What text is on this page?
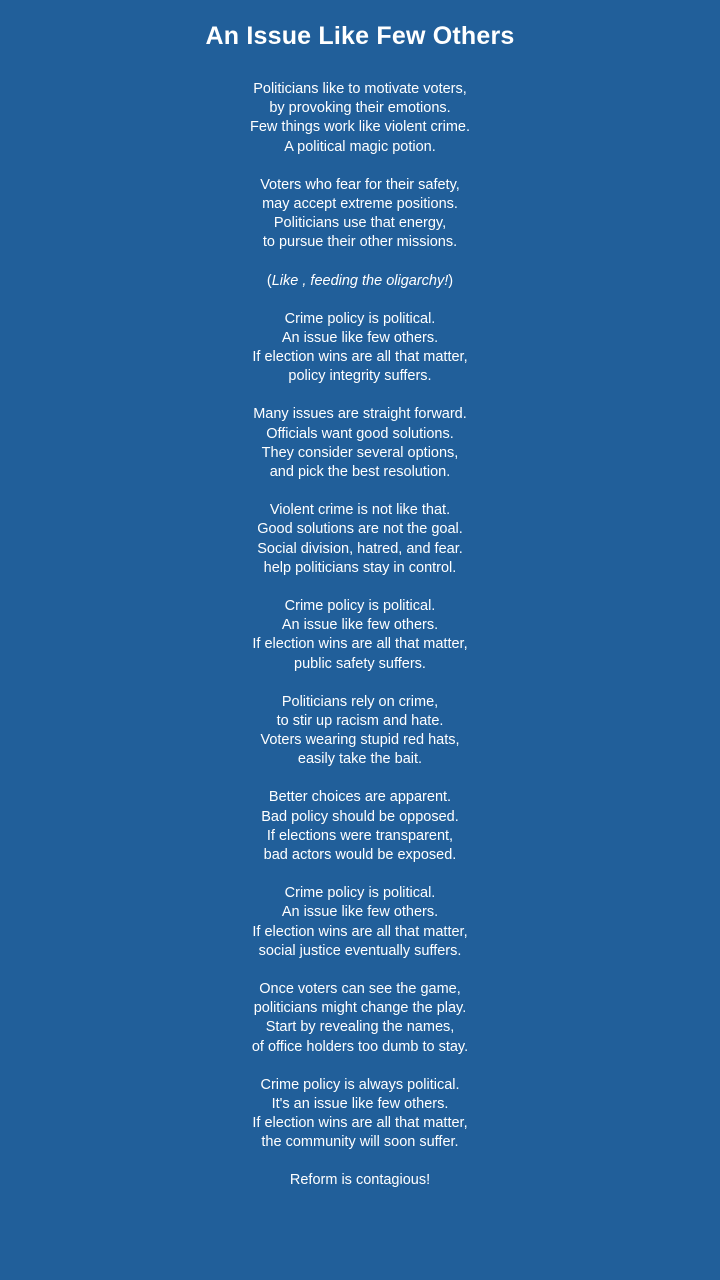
An Issue Like Few Others
Politicians like to motivate voters,
by provoking their emotions.
Few things work like violent crime.
A political magic potion.
Voters who fear for their safety,
may accept extreme positions.
Politicians use that energy,
to pursue their other missions.
(Like , feeding the oligarchy!)
Crime policy is political.
An issue like few others.
If election wins are all that matter,
policy integrity suffers.
Many issues are straight forward.
Officials want good solutions.
They consider several options,
and pick the best resolution.
Violent crime is not like that.
Good solutions are not the goal.
Social division, hatred, and fear.
help politicians stay in control.
Crime policy is political.
An issue like few others.
If election wins are all that matter,
public safety suffers.
Politicians rely on crime,
to stir up racism and hate.
Voters wearing stupid red hats,
easily take the bait.
Better choices are apparent.
Bad policy should be opposed.
If elections were transparent,
bad actors would be exposed.
Crime policy is political.
An issue like few others.
If election wins are all that matter,
social justice eventually suffers.
Once voters can see the game,
politicians might change the play.
Start by revealing the names,
of office holders too dumb to stay.
Crime policy is always political.
It's an issue like few others.
If election wins are all that matter,
the community will soon suffer.
Reform is contagious!
